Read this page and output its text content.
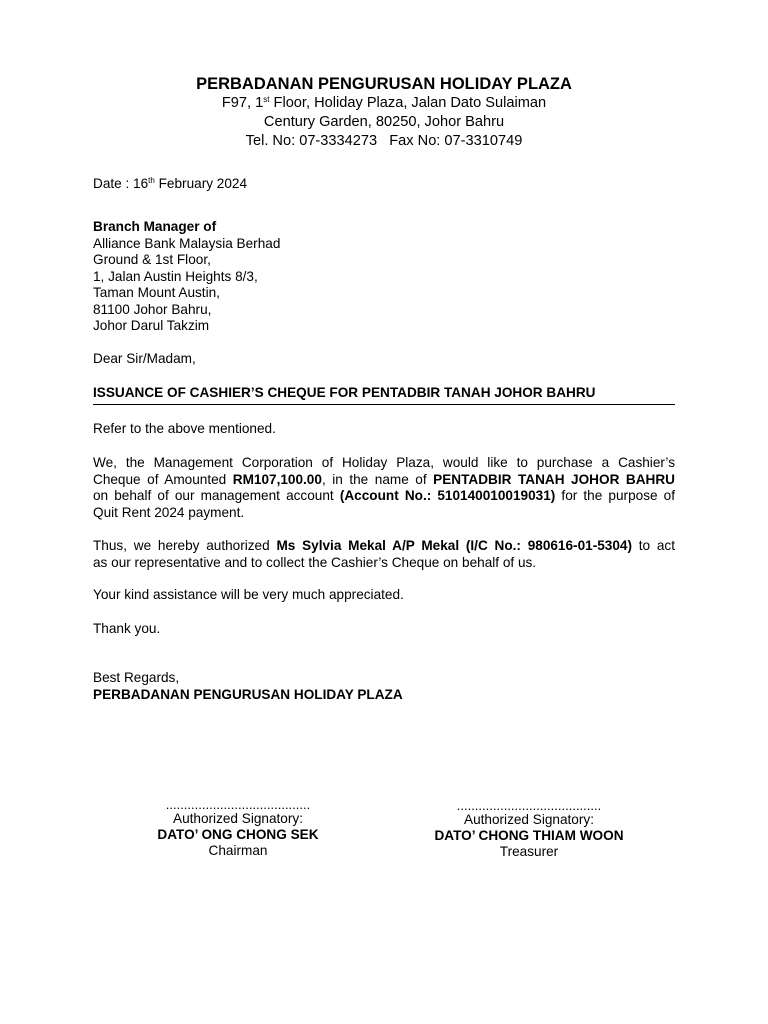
PERBADANAN PENGURUSAN HOLIDAY PLAZA
F97, 1st Floor, Holiday Plaza, Jalan Dato Sulaiman
Century Garden, 80250, Johor Bahru
Tel. No: 07-3334273   Fax No: 07-3310749
Date : 16th February 2024
Branch Manager of
Alliance Bank Malaysia Berhad
Ground & 1st Floor,
1, Jalan Austin Heights 8/3,
Taman Mount Austin,
81100 Johor Bahru,
Johor Darul Takzim
Dear Sir/Madam,
ISSUANCE OF CASHIER’S CHEQUE FOR PENTADBIR TANAH JOHOR BAHRU
Refer to the above mentioned.
We, the Management Corporation of Holiday Plaza, would like to purchase a Cashier’s
Cheque of Amounted RM107,100.00, in the name of PENTADBIR TANAH JOHOR BAHRU
on behalf of our management account (Account No.: 510140010019031) for the purpose of
Quit Rent 2024 payment.
Thus, we hereby authorized Ms Sylvia Mekal A/P Mekal (I/C No.: 980616-01-5304) to act
as our representative and to collect the Cashier’s Cheque on behalf of us.
Your kind assistance will be very much appreciated.
Thank you.
Best Regards,
PERBADANAN PENGURUSAN HOLIDAY PLAZA
........................................
Authorized Signatory:
DATO’ ONG CHONG SEK
Chairman
........................................
Authorized Signatory:
DATO’ CHONG THIAM WOON
Treasurer
